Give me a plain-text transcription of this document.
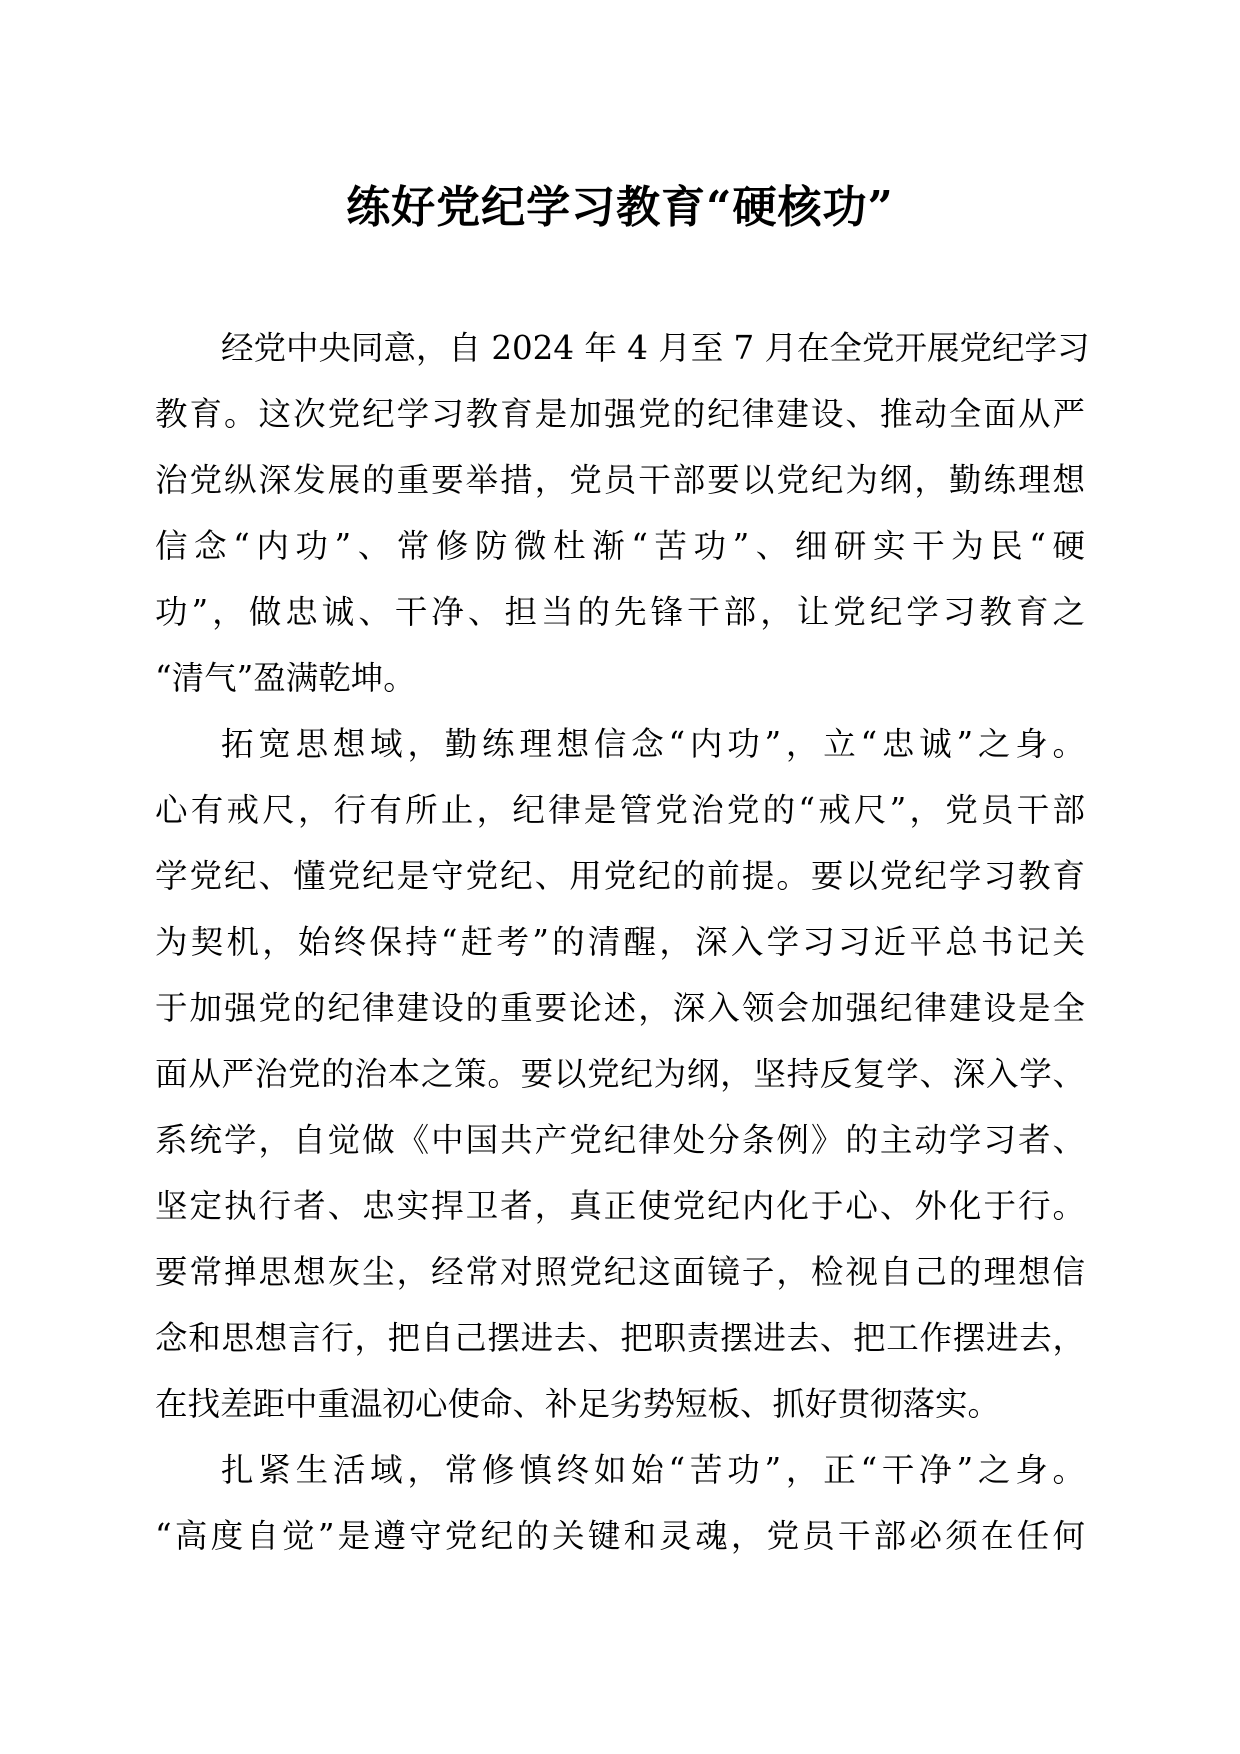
练好党纪学习教育“硬核功”
经党中央同意，自 2024 年 4 月至 7 月在全党开展党纪学习
教育。这次党纪学习教育是加强党的纪律建设、推动全面从严
治党纵深发展的重要举措，党员干部要以党纪为纲，勤练理想
信念“内功”、常修防微杜渐“苦功”、细研实干为民“硬
功”，做忠诚、干净、担当的先锋干部，让党纪学习教育之
“清气”盈满乾坤。
拓宽思想域，勤练理想信念“内功”，立“忠诚”之身。
心有戒尺，行有所止，纪律是管党治党的“戒尺”，党员干部
学党纪、懂党纪是守党纪、用党纪的前提。要以党纪学习教育
为契机，始终保持“赶考”的清醒，深入学习习近平总书记关
于加强党的纪律建设的重要论述，深入领会加强纪律建设是全
面从严治党的治本之策。要以党纪为纲，坚持反复学、深入学、
系统学，自觉做《中国共产党纪律处分条例》的主动学习者、
坚定执行者、忠实捍卫者，真正使党纪内化于心、外化于行。
要常掸思想灰尘，经常对照党纪这面镜子，检视自己的理想信
念和思想言行，把自己摆进去、把职责摆进去、把工作摆进去，
在找差距中重温初心使命、补足劣势短板、抓好贯彻落实。
扎紧生活域，常修慎终如始“苦功”，正“干净”之身。
“高度自觉”是遵守党纪的关键和灵魂，党员干部必须在任何
